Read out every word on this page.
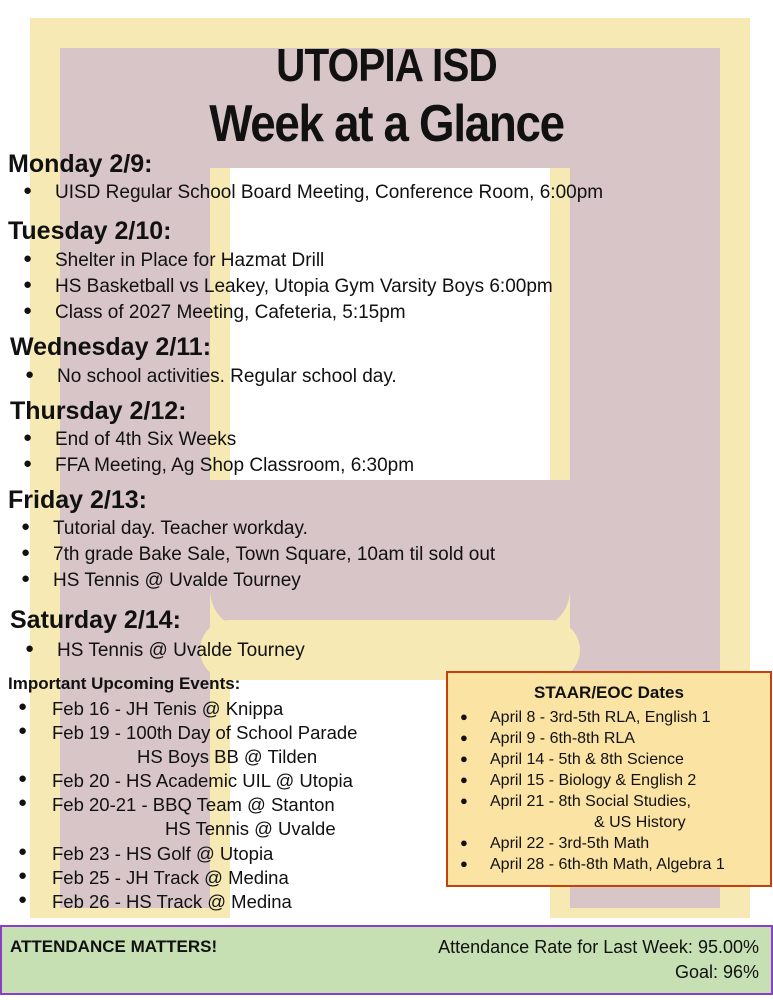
UTOPIA ISD
Week at a Glance
Monday 2/9:
● UISD Regular School Board Meeting, Conference Room, 6:00pm
Tuesday 2/10:
● Shelter in Place for Hazmat Drill
● HS Basketball vs Leakey, Utopia Gym Varsity Boys 6:00pm
● Class of 2027 Meeting, Cafeteria, 5:15pm
Wednesday 2/11:
● No school activities. Regular school day.
Thursday 2/12:
● End of 4th Six Weeks
● FFA Meeting, Ag Shop Classroom, 6:30pm
Friday 2/13:
● Tutorial day. Teacher workday.
● 7th grade Bake Sale, Town Square, 10am til sold out
● HS Tennis @ Uvalde Tourney
Saturday 2/14:
● HS Tennis @ Uvalde Tourney
Important Upcoming Events:
● Feb 16 - JH Tenis @ Knippa
● Feb 19 - 100th Day of School Parade
HS Boys BB @ Tilden
● Feb 20 - HS Academic UIL @ Utopia
● Feb 20-21 - BBQ Team @ Stanton
HS Tennis @ Uvalde
● Feb 23 - HS Golf @ Utopia
● Feb 25 - JH Track @ Medina
● Feb 26 - HS Track @ Medina
STAAR/EOC Dates
● April 8 - 3rd-5th RLA, English 1
● April 9 - 6th-8th RLA
● April 14 - 5th & 8th Science
● April 15 - Biology & English 2
● April 21 - 8th Social Studies,
& US History
● April 22 - 3rd-5th Math
● April 28 - 6th-8th Math, Algebra 1
ATTENDANCE MATTERS!	Attendance Rate for Last Week: 95.00%
Goal: 96%
